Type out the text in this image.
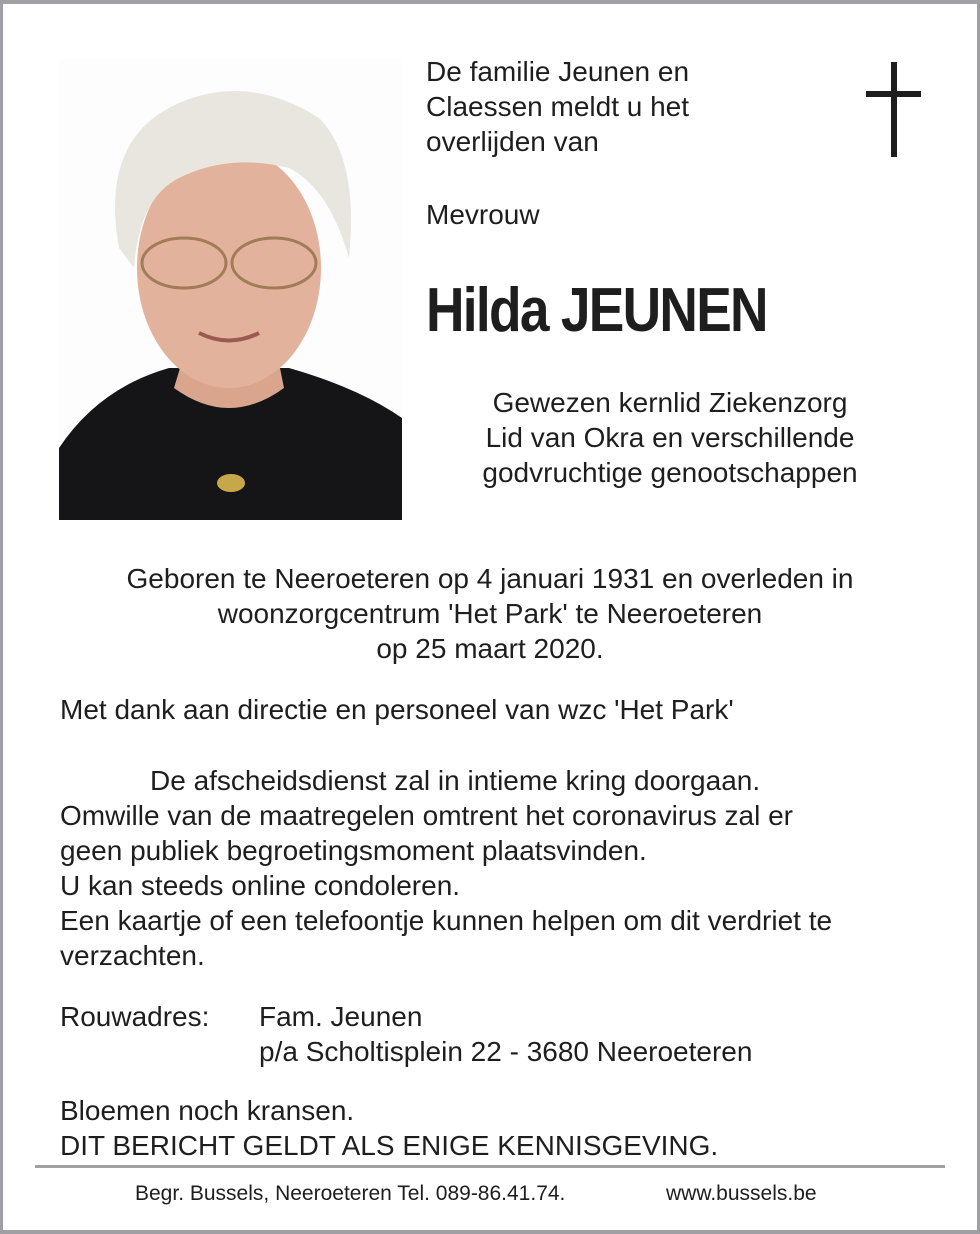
De familie Jeunen en
Claessen meldt u het
overlijden van
Mevrouw
Hilda JEUNEN
Gewezen kernlid Ziekenzorg
Lid van Okra en verschillende
godvruchtige genootschappen
Geboren te Neeroeteren op 4 januari 1931 en overleden in
woonzorgcentrum 'Het Park' te Neeroeteren
op 25 maart 2020.
Met dank aan directie en personeel van wzc 'Het Park'
De afscheidsdienst zal in intieme kring doorgaan.
Omwille van de maatregelen omtrent het coronavirus zal er
geen publiek begroetingsmoment plaatsvinden.
U kan steeds online condoleren.
Een kaartje of een telefoontje kunnen helpen om dit verdriet te
verzachten.
Rouwadres: Fam. Jeunen
p/a Scholtisplein 22 - 3680 Neeroeteren
Bloemen noch kransen.
DIT BERICHT GELDT ALS ENIGE KENNISGEVING.
Begr. Bussels, Neeroeteren Tel. 089-86.41.74.	www.bussels.be
